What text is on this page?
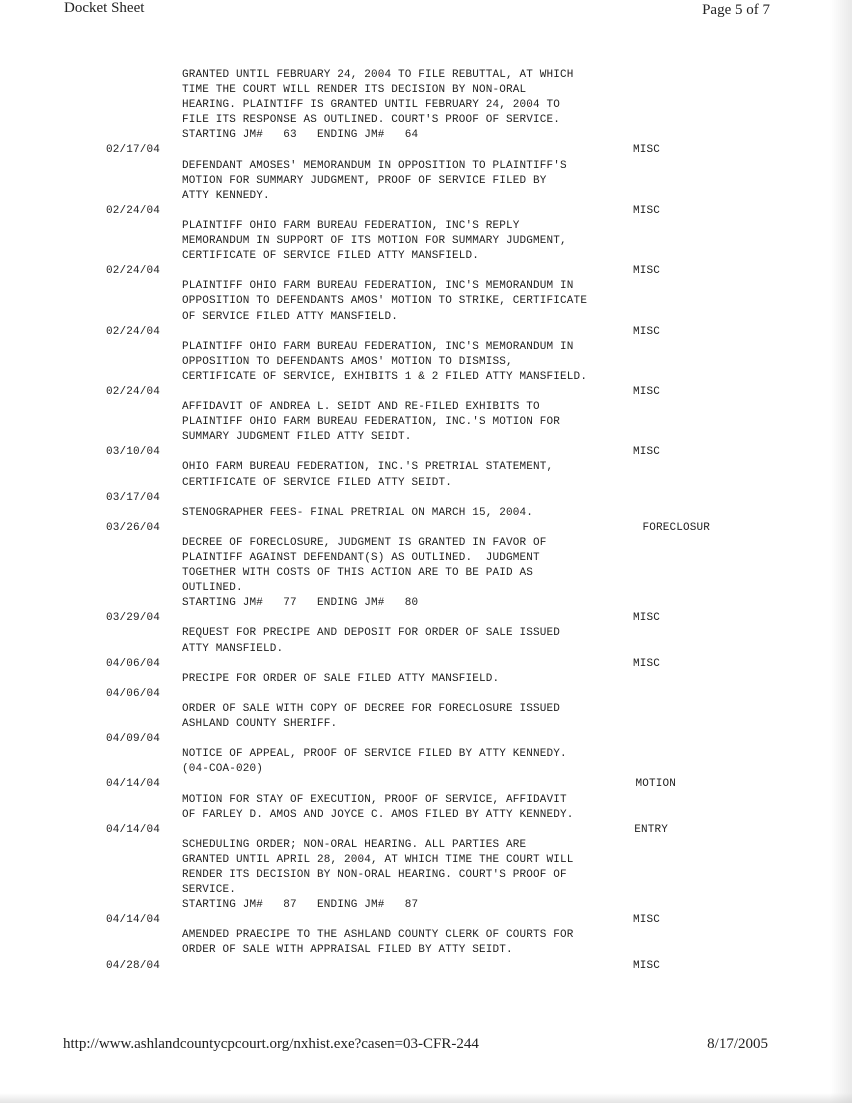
Docket Sheet	Page 5 of 7
GRANTED UNTIL FEBRUARY 24, 2004 TO FILE REBUTTAL, AT WHICH
TIME THE COURT WILL RENDER ITS DECISION BY NON-ORAL
HEARING. PLAINTIFF IS GRANTED UNTIL FEBRUARY 24, 2004 TO
FILE ITS RESPONSE AS OUTLINED. COURT'S PROOF OF SERVICE.
STARTING JM#   63   ENDING JM#   64
02/17/04	MISC
DEFENDANT AMOSES' MEMORANDUM IN OPPOSITION TO PLAINTIFF'S
MOTION FOR SUMMARY JUDGMENT, PROOF OF SERVICE FILED BY
ATTY KENNEDY.
02/24/04	MISC
PLAINTIFF OHIO FARM BUREAU FEDERATION, INC'S REPLY
MEMORANDUM IN SUPPORT OF ITS MOTION FOR SUMMARY JUDGMENT,
CERTIFICATE OF SERVICE FILED ATTY MANSFIELD.
02/24/04	MISC
PLAINTIFF OHIO FARM BUREAU FEDERATION, INC'S MEMORANDUM IN
OPPOSITION TO DEFENDANTS AMOS' MOTION TO STRIKE, CERTIFICATE
OF SERVICE FILED ATTY MANSFIELD.
02/24/04	MISC
PLAINTIFF OHIO FARM BUREAU FEDERATION, INC'S MEMORANDUM IN
OPPOSITION TO DEFENDANTS AMOS' MOTION TO DISMISS,
CERTIFICATE OF SERVICE, EXHIBITS 1 & 2 FILED ATTY MANSFIELD.
02/24/04	MISC
AFFIDAVIT OF ANDREA L. SEIDT AND RE-FILED EXHIBITS TO
PLAINTIFF OHIO FARM BUREAU FEDERATION, INC.'S MOTION FOR
SUMMARY JUDGMENT FILED ATTY SEIDT.
03/10/04	MISC
OHIO FARM BUREAU FEDERATION, INC.'S PRETRIAL STATEMENT,
CERTIFICATE OF SERVICE FILED ATTY SEIDT.
03/17/04
STENOGRAPHER FEES- FINAL PRETRIAL ON MARCH 15, 2004.
03/26/04	FORECLOSUR
DECREE OF FORECLOSURE, JUDGMENT IS GRANTED IN FAVOR OF
PLAINTIFF AGAINST DEFENDANT(S) AS OUTLINED.  JUDGMENT
TOGETHER WITH COSTS OF THIS ACTION ARE TO BE PAID AS
OUTLINED.
STARTING JM#   77   ENDING JM#   80
03/29/04	MISC
REQUEST FOR PRECIPE AND DEPOSIT FOR ORDER OF SALE ISSUED
ATTY MANSFIELD.
04/06/04	MISC
PRECIPE FOR ORDER OF SALE FILED ATTY MANSFIELD.
04/06/04
ORDER OF SALE WITH COPY OF DECREE FOR FORECLOSURE ISSUED
ASHLAND COUNTY SHERIFF.
04/09/04
NOTICE OF APPEAL, PROOF OF SERVICE FILED BY ATTY KENNEDY.
(04-COA-020)
04/14/04	MOTION
MOTION FOR STAY OF EXECUTION, PROOF OF SERVICE, AFFIDAVIT
OF FARLEY D. AMOS AND JOYCE C. AMOS FILED BY ATTY KENNEDY.
04/14/04	ENTRY
SCHEDULING ORDER; NON-ORAL HEARING. ALL PARTIES ARE
GRANTED UNTIL APRIL 28, 2004, AT WHICH TIME THE COURT WILL
RENDER ITS DECISION BY NON-ORAL HEARING. COURT'S PROOF OF
SERVICE.
STARTING JM#   87   ENDING JM#   87
04/14/04	MISC
AMENDED PRAECIPE TO THE ASHLAND COUNTY CLERK OF COURTS FOR
ORDER OF SALE WITH APPRAISAL FILED BY ATTY SEIDT.
04/28/04	MISC
http://www.ashlandcountycpcourt.org/nxhist.exe?casen=03-CFR-244	8/17/2005
